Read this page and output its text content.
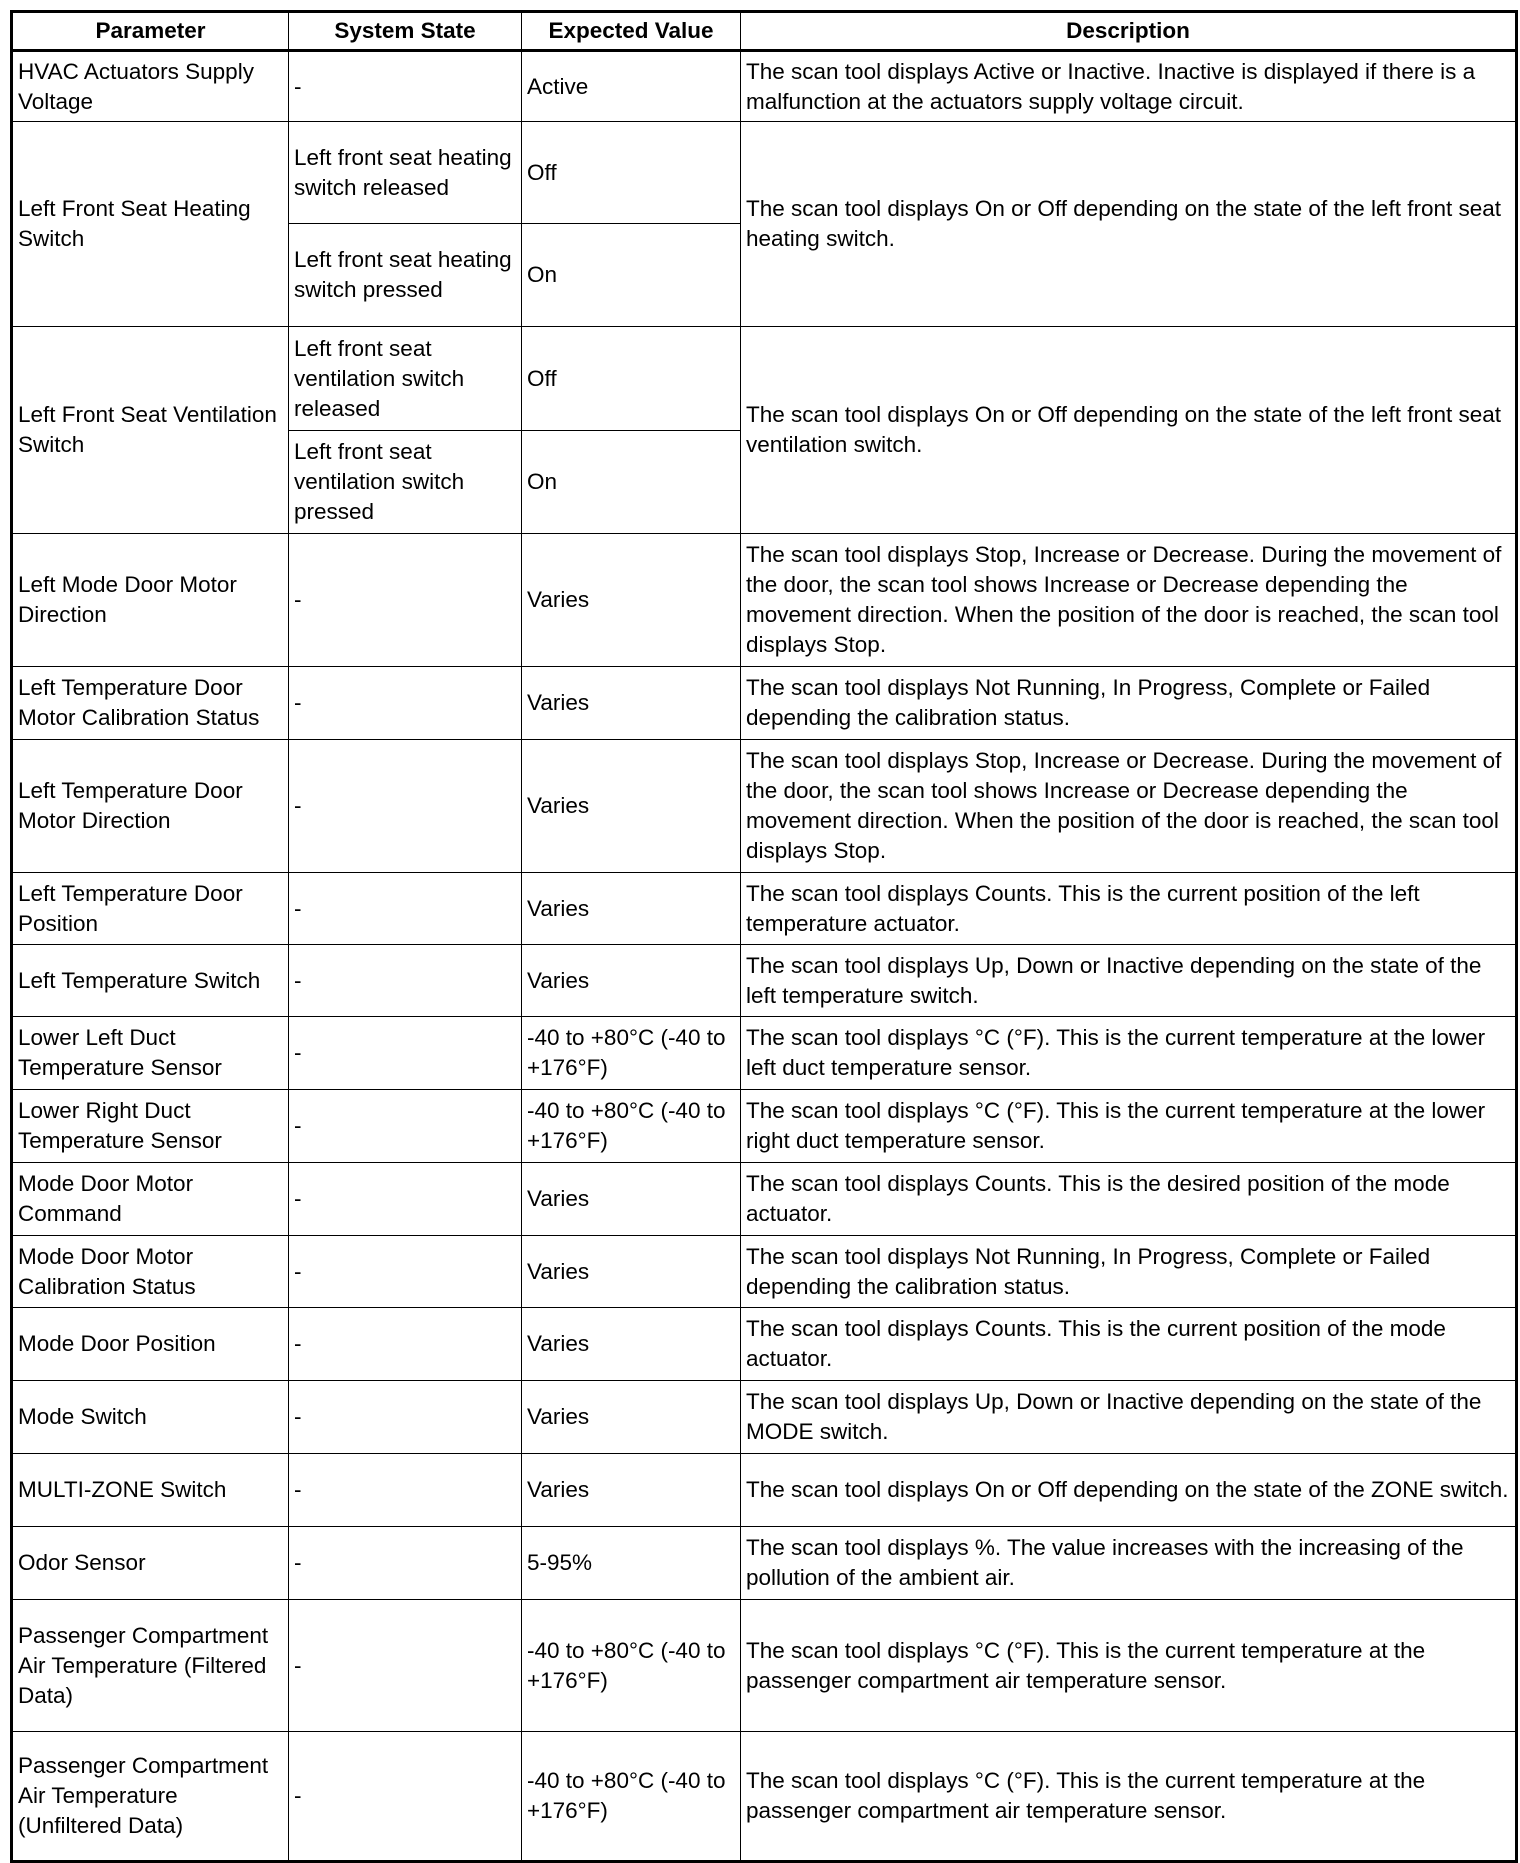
Parameter	System State	Expected Value	Description
HVAC Actuators Supply Voltage	-	Active	The scan tool displays Active or Inactive. Inactive is displayed if there is a malfunction at the actuators supply voltage circuit.
Left Front Seat Heating Switch	Left front seat heating switch released	Off	The scan tool displays On or Off depending on the state of the left front seat heating switch.
	Left front seat heating switch pressed	On	
Left Front Seat Ventilation Switch	Left front seat ventilation switch released	Off	The scan tool displays On or Off depending on the state of the left front seat ventilation switch.
	Left front seat ventilation switch pressed	On	
Left Mode Door Motor Direction	-	Varies	The scan tool displays Stop, Increase or Decrease. During the movement of the door, the scan tool shows Increase or Decrease depending the movement direction. When the position of the door is reached, the scan tool displays Stop.
Left Temperature Door Motor Calibration Status	-	Varies	The scan tool displays Not Running, In Progress, Complete or Failed depending the calibration status.
Left Temperature Door Motor Direction	-	Varies	The scan tool displays Stop, Increase or Decrease. During the movement of the door, the scan tool shows Increase or Decrease depending the movement direction. When the position of the door is reached, the scan tool displays Stop.
Left Temperature Door Position	-	Varies	The scan tool displays Counts. This is the current position of the left temperature actuator.
Left Temperature Switch	-	Varies	The scan tool displays Up, Down or Inactive depending on the state of the left temperature switch.
Lower Left Duct Temperature Sensor	-	-40 to +80°C (-40 to +176°F)	The scan tool displays °C (°F). This is the current temperature at the lower left duct temperature sensor.
Lower Right Duct Temperature Sensor	-	-40 to +80°C (-40 to +176°F)	The scan tool displays °C (°F). This is the current temperature at the lower right duct temperature sensor.
Mode Door Motor Command	-	Varies	The scan tool displays Counts. This is the desired position of the mode actuator.
Mode Door Motor Calibration Status	-	Varies	The scan tool displays Not Running, In Progress, Complete or Failed depending the calibration status.
Mode Door Position	-	Varies	The scan tool displays Counts. This is the current position of the mode actuator.
Mode Switch	-	Varies	The scan tool displays Up, Down or Inactive depending on the state of the MODE switch.
MULTI-ZONE Switch	-	Varies	The scan tool displays On or Off depending on the state of the ZONE switch.
Odor Sensor	-	5-95%	The scan tool displays %. The value increases with the increasing of the pollution of the ambient air.
Passenger Compartment Air Temperature (Filtered Data)	-	-40 to +80°C (-40 to +176°F)	The scan tool displays °C (°F). This is the current temperature at the passenger compartment air temperature sensor.
Passenger Compartment Air Temperature (Unfiltered Data)	-	-40 to +80°C (-40 to +176°F)	The scan tool displays °C (°F). This is the current temperature at the passenger compartment air temperature sensor.
